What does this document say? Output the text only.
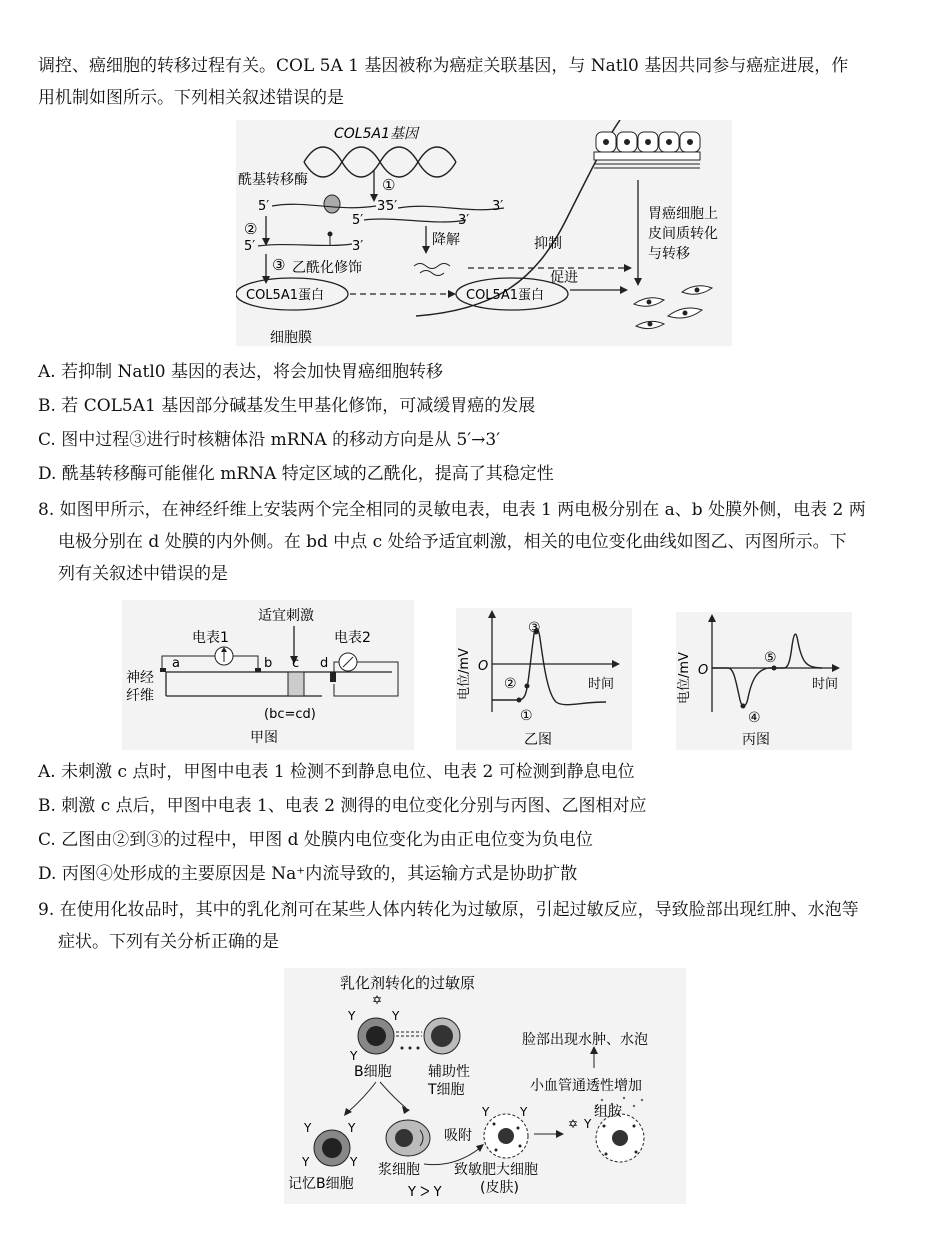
调控、癌细胞的转移过程有关。COL 5A 1 基因被称为癌症关联基因，与 Natl0 基因共同参与癌症进展，作

用机制如图所示。下列相关叙述错误的是

COL5A1基因
①
酰基转移酶
5′	3′
5′	3′
5′	3′
②
5′	3′
③ 乙酰化修饰
降解	抑制
COL5A1蛋白	COL5A1蛋白
促进
细胞膜
胃癌细胞上
皮间质转化
与转移
A. 若抑制 Natl0 基因的表达，将会加快胃癌细胞转移
B. 若 COL5A1 基因部分碱基发生甲基化修饰，可减缓胃癌的发展
C. 图中过程③进行时核糖体沿 mRNA 的移动方向是从 5′→3′
D. 酰基转移酶可能催化 mRNA 特定区域的乙酰化，提高了其稳定性

8. 如图甲所示，在神经纤维上安装两个完全相同的灵敏电表，电表 1 两电极分别在 a、b 处膜外侧，电表 2 两

电极分别在 d 处膜的内外侧。在 bd 中点 c 处给予适宜刺激，相关的电位变化曲线如图乙、丙图所示。下

列有关叙述中错误的是

适宜刺激
电表1	电表2
神经
纤维
a	b c d
(bc=cd)
甲图
O
电位/mV	时间
②
①
③
乙图
O
电位/mV	时间
④
⑤
丙图
A. 未刺激 c 点时，甲图中电表 1 检测不到静息电位、电表 2 可检测到静息电位
B. 刺激 c 点后，甲图中电表 1、电表 2 测得的电位变化分别与丙图、乙图相对应
C. 乙图由②到③的过程中，甲图 d 处膜内电位变化为由正电位变为负电位
D. 丙图④处形成的主要原因是 Na⁺内流导致的，其运输方式是协助扩散

9. 在使用化妆品时，其中的乳化剂可在某些人体内转化为过敏原，引起过敏反应，导致脸部出现红肿、水泡等

症状。下列有关分析正确的是

乳化剂转化的过敏原
✡
Y	Y
Y
B细胞	辅助性
T细胞
Y	Y
Y	Y
记忆B细胞
浆细胞
Y ᐳ Y
吸附
Y	Y
致敏肥大细胞
(皮肤)
✡ Y
组胺
小血管通透性增加
脸部出现水肿、水泡
